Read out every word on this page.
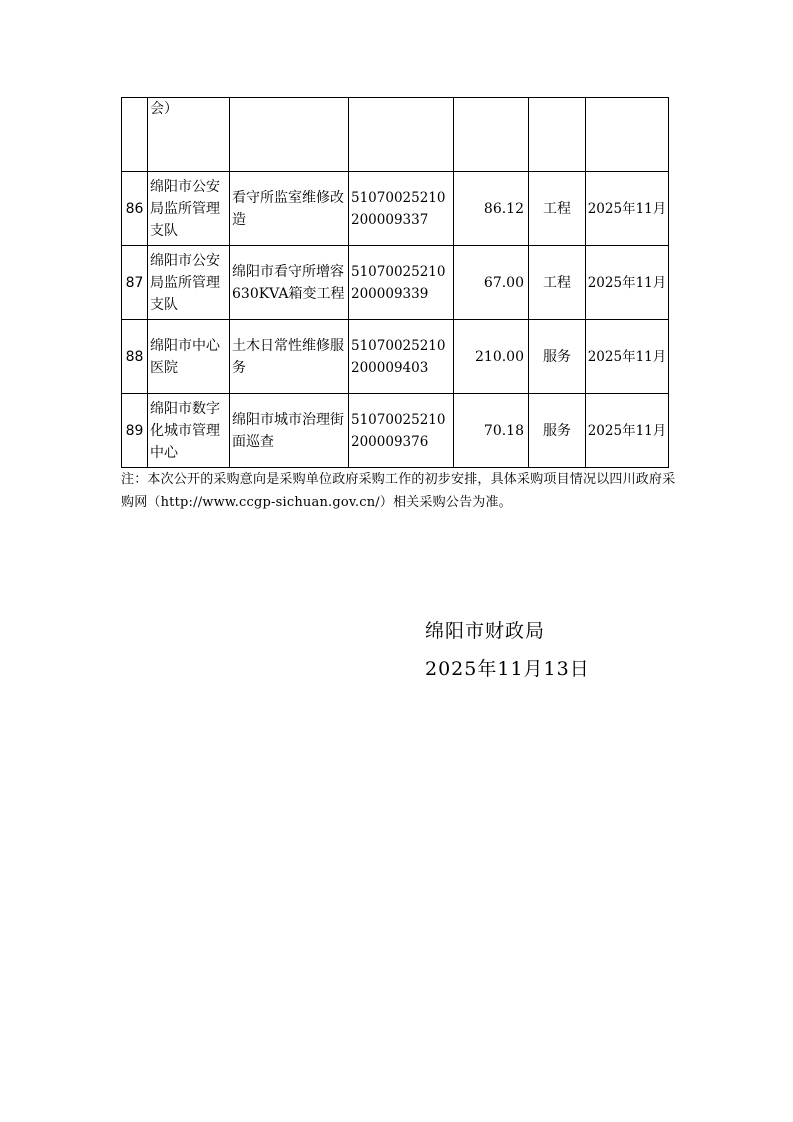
	会）					
86	绵阳市公安局监所管理支队	看守所监室维修改造	51070025210200009337	86.12	工程	2025年11月
87	绵阳市公安局监所管理支队	绵阳市看守所增容630KVA箱变工程	51070025210200009339	67.00	工程	2025年11月
88	绵阳市中心医院	土木日常性维修服务	51070025210200009403	210.00	服务	2025年11月
89	绵阳市数字化城市管理中心	绵阳市城市治理街面巡查	51070025210200009376	70.18	服务	2025年11月
注：本次公开的采购意向是采购单位政府采购工作的初步安排，具体采购项目情况以四川政府采购网（http://www.ccgp-sichuan.gov.cn/）相关采购公告为准。
绵阳市财政局
2025年11月13日
